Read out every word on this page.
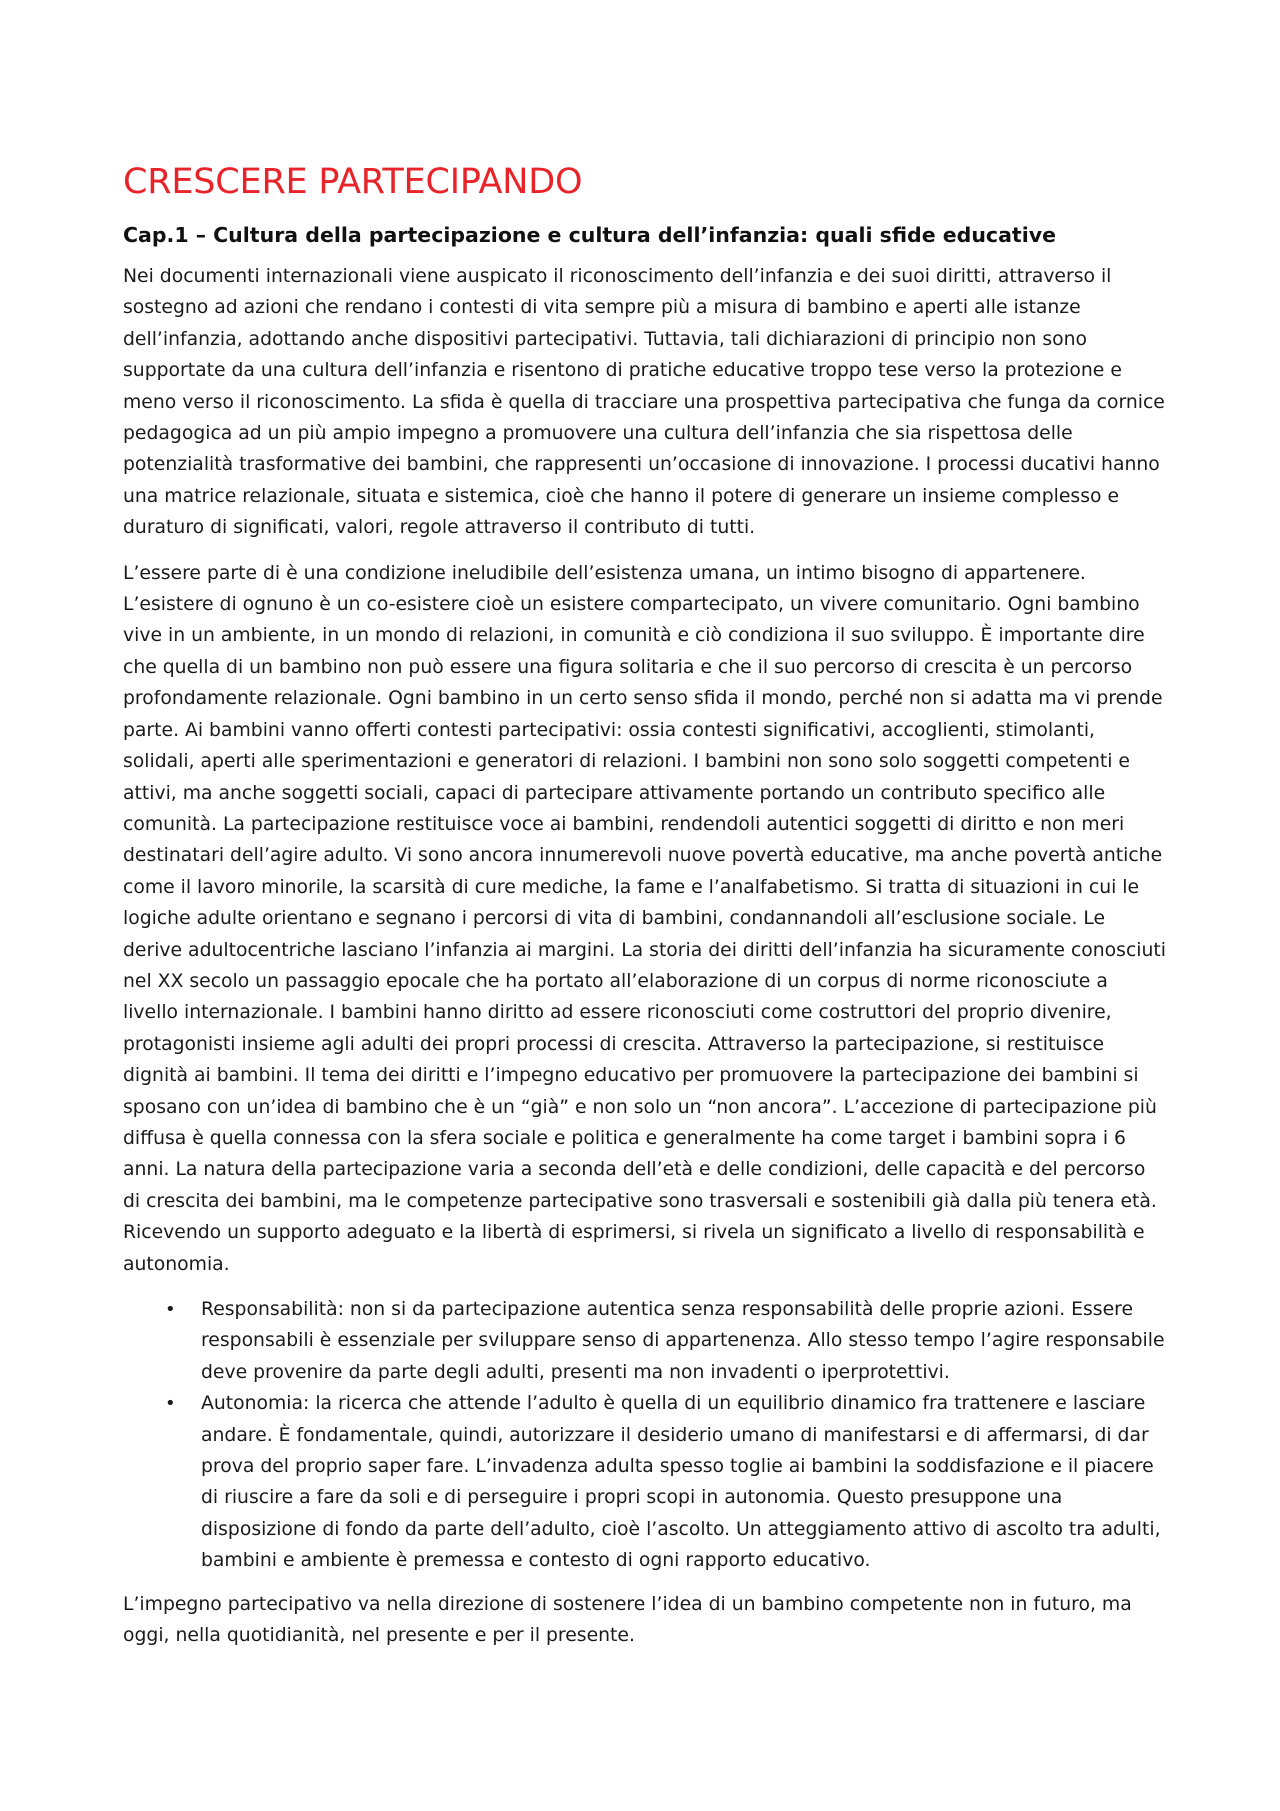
CRESCERE PARTECIPANDO
Cap.1 – Cultura della partecipazione e cultura dell’infanzia: quali sfide educative

Nei documenti internazionali viene auspicato il riconoscimento dell’infanzia e dei suoi diritti, attraverso il sostegno ad azioni che rendano i contesti di vita sempre più a misura di bambino e aperti alle istanze dell’infanzia, adottando anche dispositivi partecipativi. Tuttavia, tali dichiarazioni di principio non sono supportate da una cultura dell’infanzia e risentono di pratiche educative troppo tese verso la protezione e meno verso il riconoscimento. La sfida è quella di tracciare una prospettiva partecipativa che funga da cornice pedagogica ad un più ampio impegno a promuovere una cultura dell’infanzia che sia rispettosa delle potenzialità trasformative dei bambini, che rappresenti un’occasione di innovazione. I processi ducativi hanno una matrice relazionale, situata e sistemica, cioè che hanno il potere di generare un insieme complesso e duraturo di significati, valori, regole attraverso il contributo di tutti.

L’essere parte di è una condizione ineludibile dell’esistenza umana, un intimo bisogno di appartenere. L’esistere di ognuno è un co-esistere cioè un esistere compartecipato, un vivere comunitario. Ogni bambino vive in un ambiente, in un mondo di relazioni, in comunità e ciò condiziona il suo sviluppo. È importante dire che quella di un bambino non può essere una figura solitaria e che il suo percorso di crescita è un percorso profondamente relazionale. Ogni bambino in un certo senso sfida il mondo, perché non si adatta ma vi prende parte. Ai bambini vanno offerti contesti partecipativi: ossia contesti significativi, accoglienti, stimolanti, solidali, aperti alle sperimentazioni e generatori di relazioni. I bambini non sono solo soggetti competenti e attivi, ma anche soggetti sociali, capaci di partecipare attivamente portando un contributo specifico alle comunità. La partecipazione restituisce voce ai bambini, rendendoli autentici soggetti di diritto e non meri destinatari dell’agire adulto. Vi sono ancora innumerevoli nuove povertà educative, ma anche povertà antiche come il lavoro minorile, la scarsità di cure mediche, la fame e l’analfabetismo. Si tratta di situazioni in cui le logiche adulte orientano e segnano i percorsi di vita di bambini, condannandoli all’esclusione sociale. Le derive adultocentriche lasciano l’infanzia ai margini. La storia dei diritti dell’infanzia ha sicuramente conosciuti nel XX secolo un passaggio epocale che ha portato all’elaborazione di un corpus di norme riconosciute a livello internazionale. I bambini hanno diritto ad essere riconosciuti come costruttori del proprio divenire, protagonisti insieme agli adulti dei propri processi di crescita. Attraverso la partecipazione, si restituisce dignità ai bambini. Il tema dei diritti e l’impegno educativo per promuovere la partecipazione dei bambini si sposano con un’idea di bambino che è un “già” e non solo un “non ancora”. L’accezione di partecipazione più diffusa è quella connessa con la sfera sociale e politica e generalmente ha come target i bambini sopra i 6 anni. La natura della partecipazione varia a seconda dell’età e delle condizioni, delle capacità e del percorso di crescita dei bambini, ma le competenze partecipative sono trasversali e sostenibili già dalla più tenera età. Ricevendo un supporto adeguato e la libertà di esprimersi, si rivela un significato a livello di responsabilità e autonomia.

• Responsabilità: non si da partecipazione autentica senza responsabilità delle proprie azioni. Essere responsabili è essenziale per sviluppare senso di appartenenza. Allo stesso tempo l’agire responsabile deve provenire da parte degli adulti, presenti ma non invadenti o iperprotettivi.
• Autonomia: la ricerca che attende l’adulto è quella di un equilibrio dinamico fra trattenere e lasciare andare. È fondamentale, quindi, autorizzare il desiderio umano di manifestarsi e di affermarsi, di dar prova del proprio saper fare. L’invadenza adulta spesso toglie ai bambini la soddisfazione e il piacere di riuscire a fare da soli e di perseguire i propri scopi in autonomia. Questo presuppone una disposizione di fondo da parte dell’adulto, cioè l’ascolto. Un atteggiamento attivo di ascolto tra adulti, bambini e ambiente è premessa e contesto di ogni rapporto educativo.

L’impegno partecipativo va nella direzione di sostenere l’idea di un bambino competente non in futuro, ma oggi, nella quotidianità, nel presente e per il presente.
